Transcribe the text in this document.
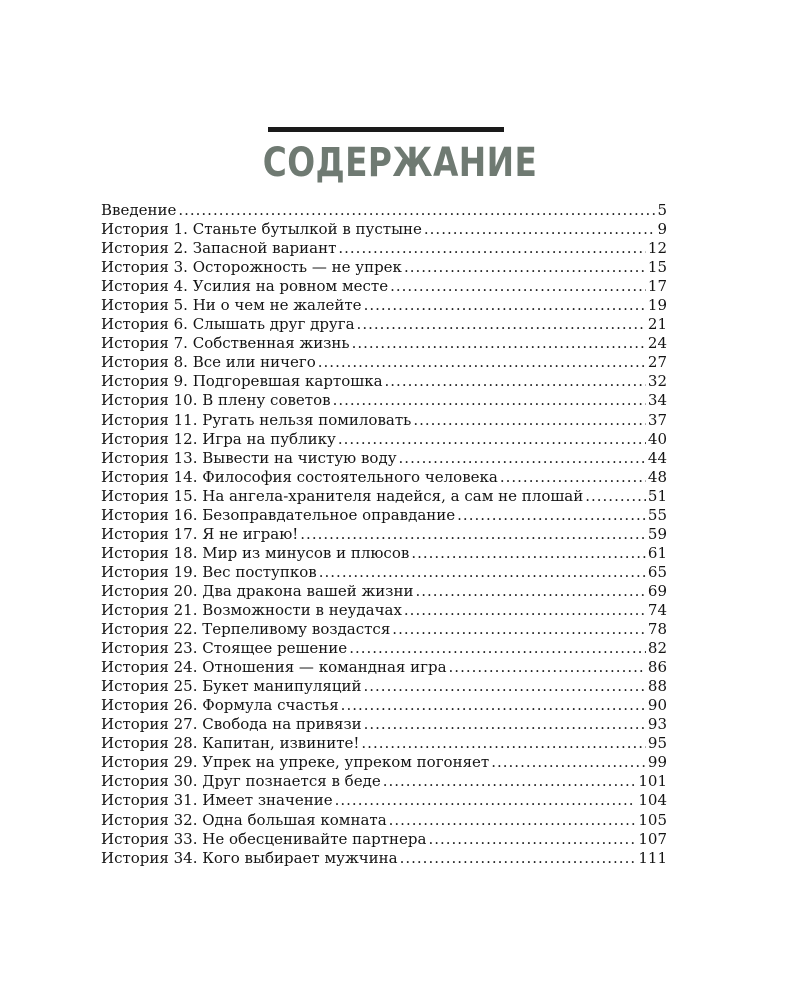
СОДЕРЖАНИЕ
Введение .....	5
История 1. Станьте бутылкой в пустыне .....	9
История 2. Запасной вариант .....	12
История 3. Осторожность — не упрек .....	15
История 4. Усилия на ровном месте .....	17
История 5. Ни о чем не жалейте .....	19
История 6. Слышать друг друга .....	21
История 7. Собственная жизнь .....	24
История 8. Все или ничего .....	27
История 9. Подгоревшая картошка .....	32
История 10. В плену советов .....	34
История 11. Ругать нельзя помиловать .....	37
История 12. Игра на публику .....	40
История 13. Вывести на чистую воду .....	44
История 14. Философия состоятельного человека .....	48
История 15. На ангела-хранителя надейся, а сам не плошай .....	51
История 16. Безоправдательное оправдание .....	55
История 17. Я не играю! .....	59
История 18. Мир из минусов и плюсов .....	61
История 19. Вес поступков .....	65
История 20. Два дракона вашей жизни .....	69
История 21. Возможности в неудачах .....	74
История 22. Терпеливому воздастся .....	78
История 23. Стоящее решение .....	82
История 24. Отношения — командная игра .....	86
История 25. Букет манипуляций .....	88
История 26. Формула счастья .....	90
История 27. Свобода на привязи .....	93
История 28. Капитан, извините! .....	95
История 29. Упрек на упреке, упреком погоняет .....	99
История 30. Друг познается в беде .....	101
История 31. Имеет значение .....	104
История 32. Одна большая комната .....	105
История 33. Не обесценивайте партнера .....	107
История 34. Кого выбирает мужчина .....	111
